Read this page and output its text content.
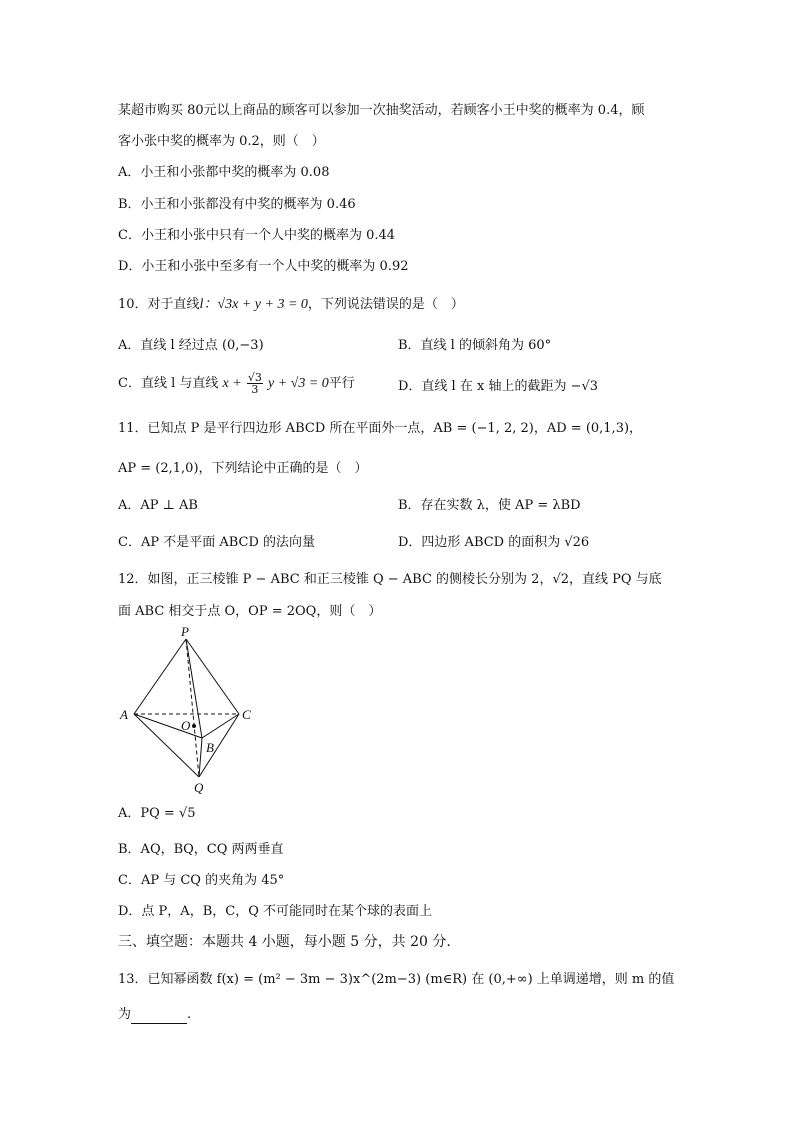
某超市购买 80元以上商品的顾客可以参加一次抽奖活动，若顾客小王中奖的概率为 0.4，顾
客小张中奖的概率为 0.2，则（　）
A．小王和小张都中奖的概率为 0.08
B．小王和小张都没有中奖的概率为 0.46
C．小王和小张中只有一个人中奖的概率为 0.44
D．小王和小张中至多有一个人中奖的概率为 0.92
10．对于直线l：√3x + y + 3 = 0，下列说法错误的是（　）
A．直线 l 经过点 (0,−3)	B．直线 l 的倾斜角为 60°
C．直线 l 与直线 $x + \frac{√3}{3}$ y + √3 = 0平行	D．直线 l 在 x 轴上的截距为 −√3
11．已知点 P 是平行四边形 ABCD 所在平面外一点，AB = (−1, 2, 2)，AD = (0,1,3)，
AP = (2,1,0)，下列结论中正确的是（　）
A．AP ⊥ AB	B．存在实数 λ，使 AP = λBD
C．AP 不是平面 ABCD 的法向量	D．四边形 ABCD 的面积为 √26
12．如图，正三棱锥 P − ABC 和正三棱锥 Q − ABC 的侧棱长分别为 2，√2，直线 PQ 与底
面 ABC 相交于点 O，OP = 2OQ，则（　）
P
A	C
O
B
Q
A．PQ = √5
B．AQ，BQ，CQ 两两垂直
C．AP 与 CQ 的夹角为 45°
D．点 P，A，B，C，Q 不可能同时在某个球的表面上
三、填空题：本题共 4 小题，每小题 5 分，共 20 分.
13．已知幂函数 f(x) = (m² − 3m − 3)x^(2m−3) (m∈R) 在 (0,+∞) 上单调递增，则 m 的值
为	.
